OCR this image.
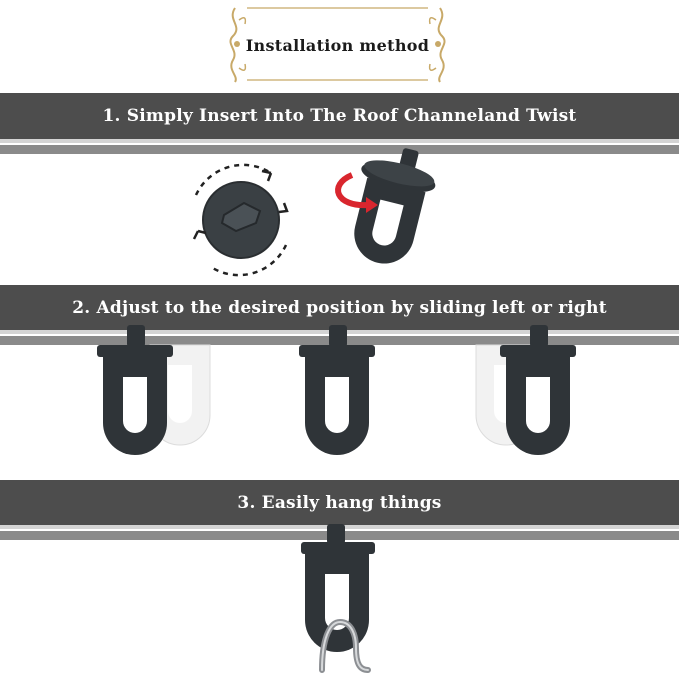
Installation method
1. Simply Insert Into The Roof Channeland Twist
2. Adjust to the desired position by sliding left or right
3. Easily hang things
